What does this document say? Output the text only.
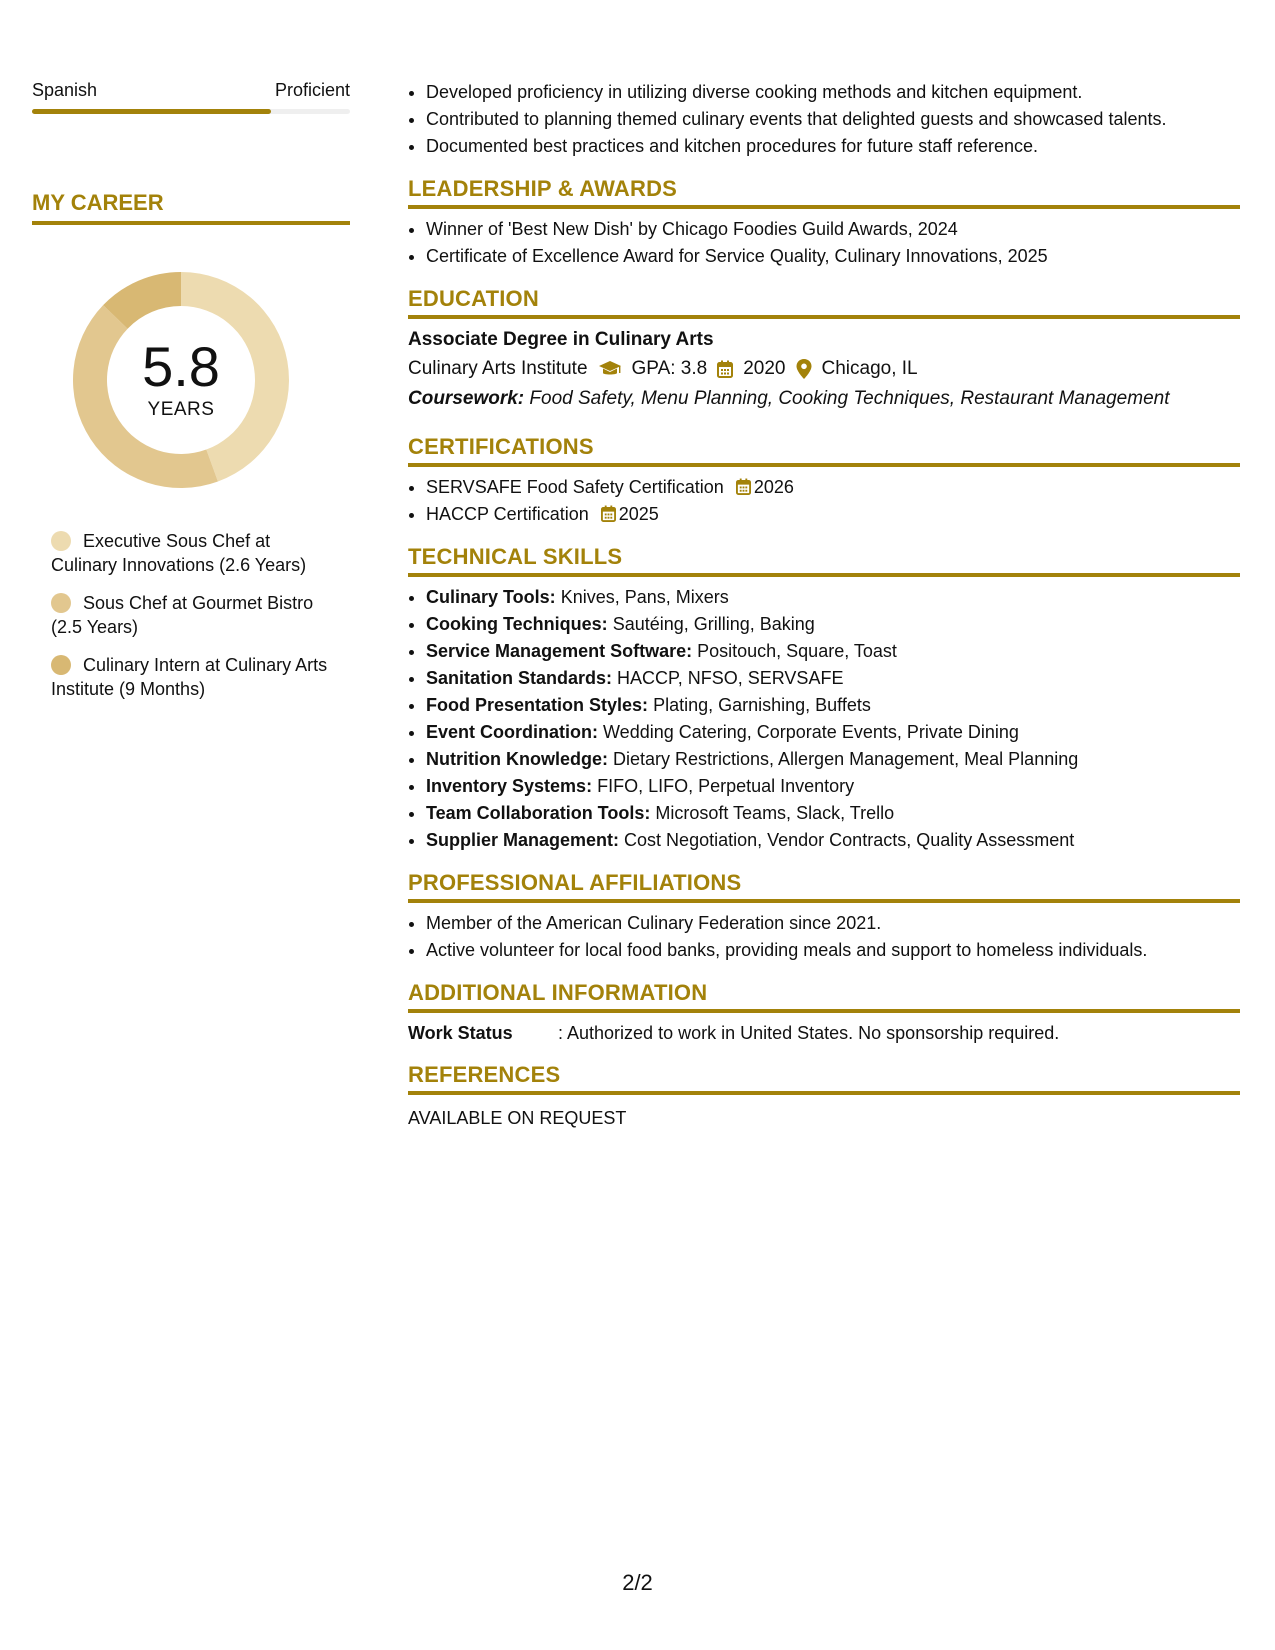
Spanish	Proficient
MY CAREER
5.8
YEARS
Executive Sous Chef at Culinary Innovations (2.6 Years)
Sous Chef at Gourmet Bistro (2.5 Years)
Culinary Intern at Culinary Arts Institute (9 Months)
• Developed proficiency in utilizing diverse cooking methods and kitchen equipment.
• Contributed to planning themed culinary events that delighted guests and showcased talents.
• Documented best practices and kitchen procedures for future staff reference.
LEADERSHIP & AWARDS
• Winner of 'Best New Dish' by Chicago Foodies Guild Awards, 2024
• Certificate of Excellence Award for Service Quality, Culinary Innovations, 2025
EDUCATION
Associate Degree in Culinary Arts
Culinary Arts Institute GPA: 3.8 2020 Chicago, IL
Coursework: Food Safety, Menu Planning, Cooking Techniques, Restaurant Management
CERTIFICATIONS
• SERVSAFE Food Safety Certification 2026
• HACCP Certification 2025
TECHNICAL SKILLS
• Culinary Tools: Knives, Pans, Mixers
• Cooking Techniques: Sautéing, Grilling, Baking
• Service Management Software: Positouch, Square, Toast
• Sanitation Standards: HACCP, NFSO, SERVSAFE
• Food Presentation Styles: Plating, Garnishing, Buffets
• Event Coordination: Wedding Catering, Corporate Events, Private Dining
• Nutrition Knowledge: Dietary Restrictions, Allergen Management, Meal Planning
• Inventory Systems: FIFO, LIFO, Perpetual Inventory
• Team Collaboration Tools: Microsoft Teams, Slack, Trello
• Supplier Management: Cost Negotiation, Vendor Contracts, Quality Assessment
PROFESSIONAL AFFILIATIONS
• Member of the American Culinary Federation since 2021.
• Active volunteer for local food banks, providing meals and support to homeless individuals.
ADDITIONAL INFORMATION
Work Status	: Authorized to work in United States. No sponsorship required.
REFERENCES
AVAILABLE ON REQUEST
2/2
